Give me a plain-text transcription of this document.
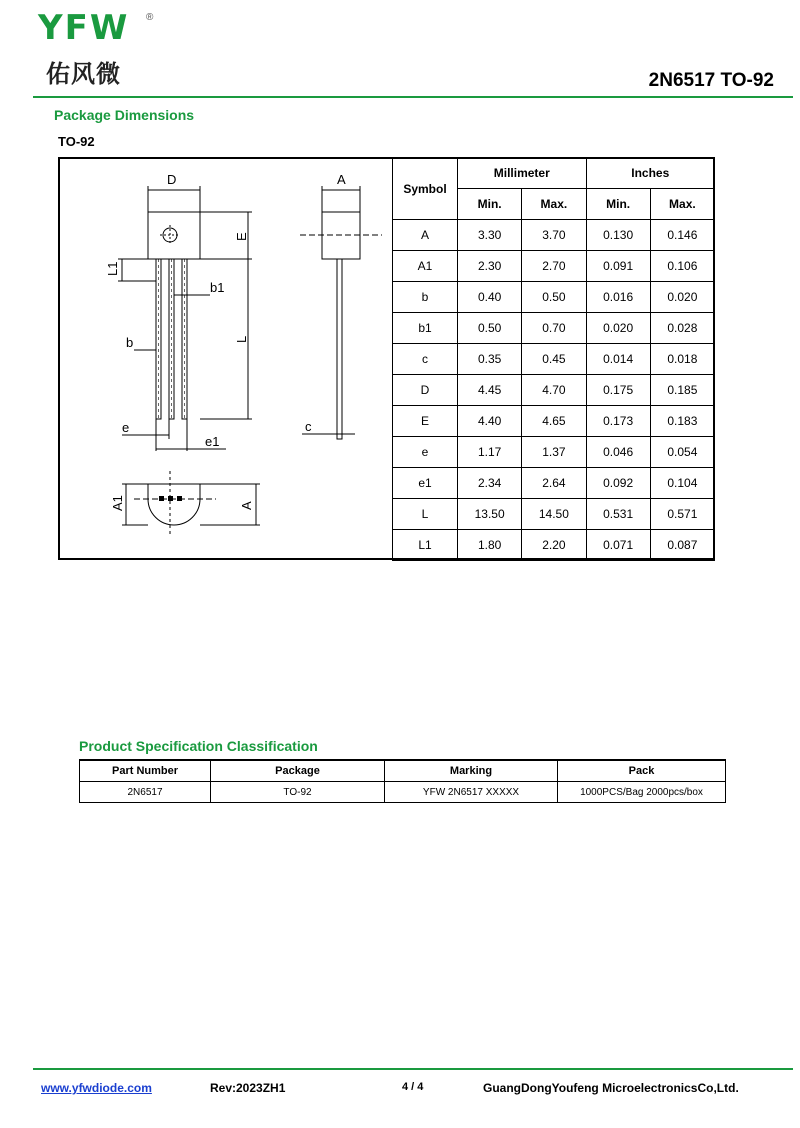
YFW ®
佑风微	2N6517 TO-92
Package Dimensions
TO-92
D	A
E
L1
b1
b	L
e
e1
c
A1	A
Symbol	Millimeter		Inches	
	Min.	Max.	Min.	Max.
A	3.30	3.70	0.130	0.146
A1	2.30	2.70	0.091	0.106
b	0.40	0.50	0.016	0.020
b1	0.50	0.70	0.020	0.028
c	0.35	0.45	0.014	0.018
D	4.45	4.70	0.175	0.185
E	4.40	4.65	0.173	0.183
e	1.17	1.37	0.046	0.054
e1	2.34	2.64	0.092	0.104
L	13.50	14.50	0.531	0.571
L1	1.80	2.20	0.071	0.087
Product Specification Classification
Part Number	Package	Marking	Pack
2N6517	TO-92	YFW 2N6517 XXXXX	1000PCS/Bag 2000pcs/box
www.yfwdiode.com	Rev:2023ZH1	4 / 4	GuangDongYoufeng MicroelectronicsCo,Ltd.
